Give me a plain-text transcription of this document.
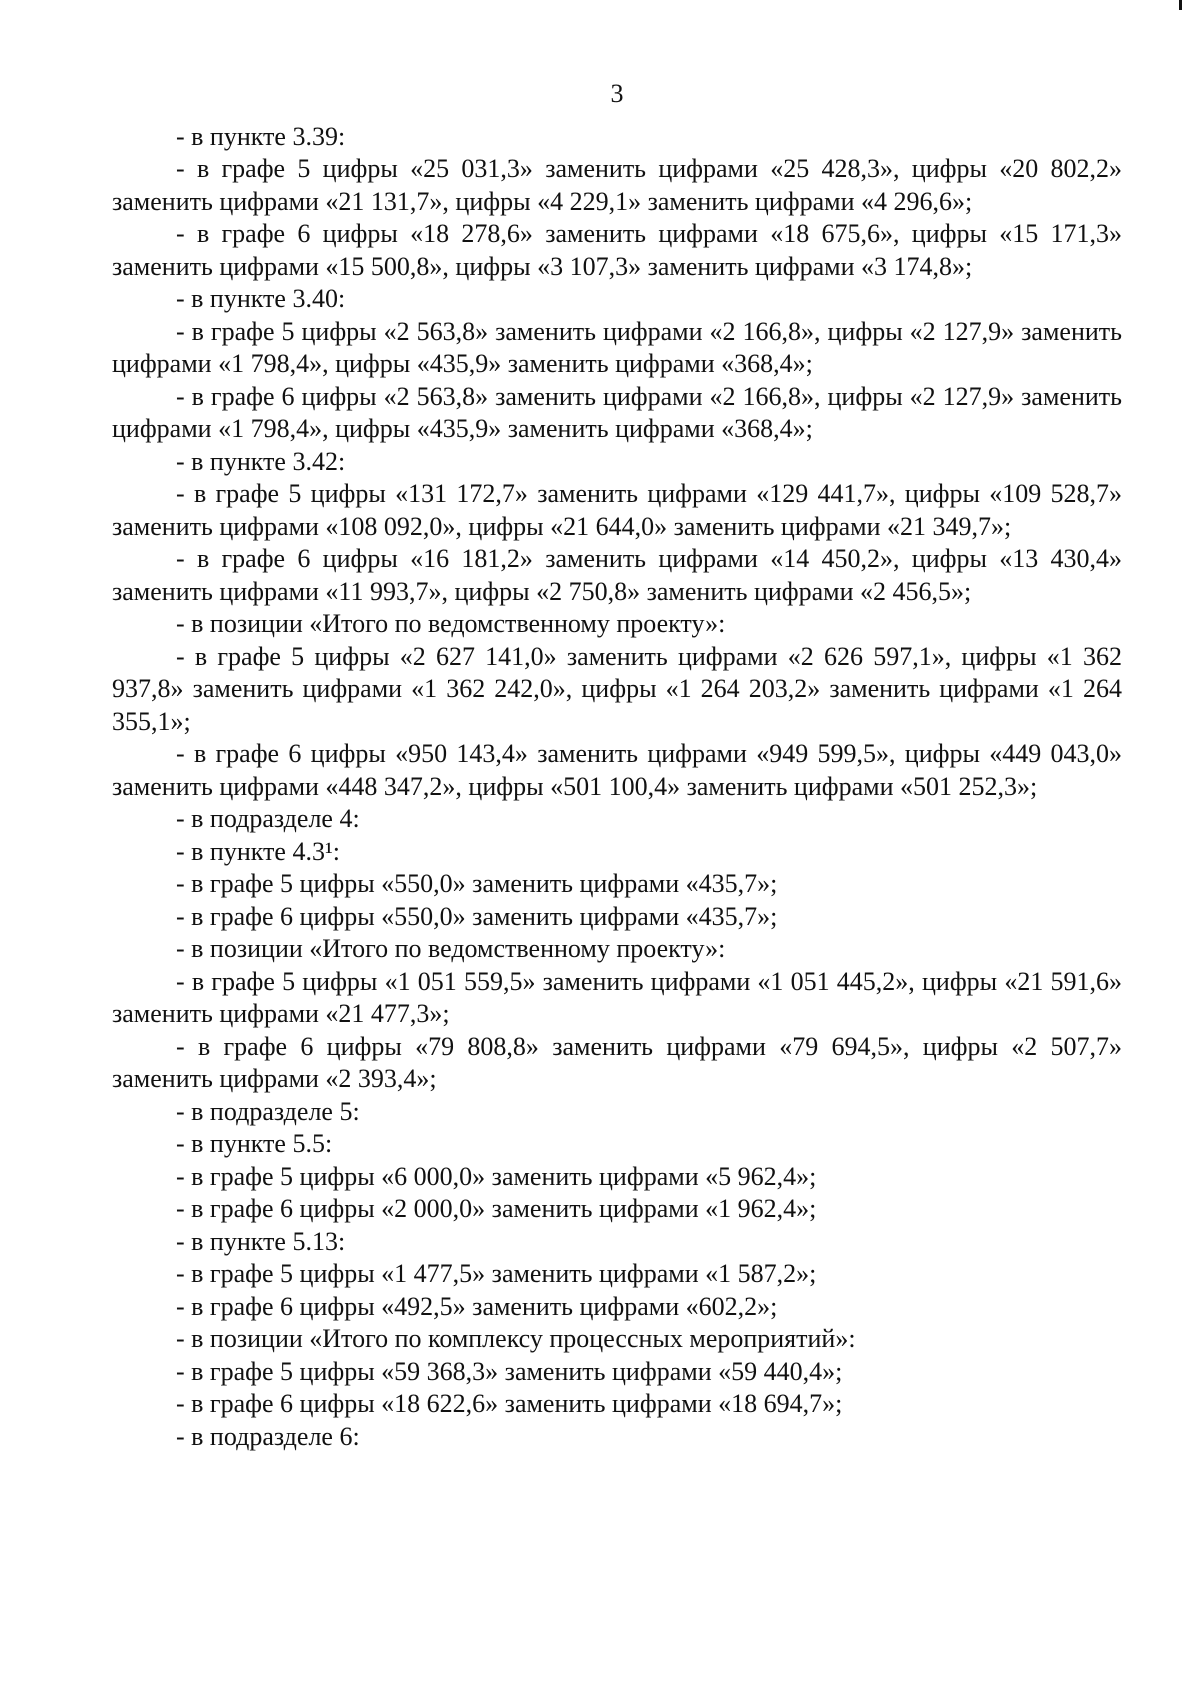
3

- в пункте 3.39:

- в графе 5 цифры «25 031,3» заменить цифрами «25 428,3», цифры «20 802,2» заменить цифрами «21 131,7», цифры «4 229,1» заменить цифрами «4 296,6»;

- в графе 6 цифры «18 278,6» заменить цифрами «18 675,6», цифры «15 171,3» заменить цифрами «15 500,8», цифры «3 107,3» заменить цифрами «3 174,8»;

- в пункте 3.40:

- в графе 5 цифры «2 563,8» заменить цифрами «2 166,8», цифры «2 127,9» заменить цифрами «1 798,4», цифры «435,9» заменить цифрами «368,4»;

- в графе 6 цифры «2 563,8» заменить цифрами «2 166,8», цифры «2 127,9» заменить цифрами «1 798,4», цифры «435,9» заменить цифрами «368,4»;

- в пункте 3.42:

- в графе 5 цифры «131 172,7» заменить цифрами «129 441,7», цифры «109 528,7» заменить цифрами «108 092,0», цифры «21 644,0» заменить цифрами «21 349,7»;

- в графе 6 цифры «16 181,2» заменить цифрами «14 450,2», цифры «13 430,4» заменить цифрами «11 993,7», цифры «2 750,8» заменить цифрами «2 456,5»;

- в позиции «Итого по ведомственному проекту»:

- в графе 5 цифры «2 627 141,0» заменить цифрами «2 626 597,1», цифры «1 362 937,8» заменить цифрами «1 362 242,0», цифры «1 264 203,2» заменить цифрами «1 264 355,1»;

- в графе 6 цифры «950 143,4» заменить цифрами «949 599,5», цифры «449 043,0» заменить цифрами «448 347,2», цифры «501 100,4» заменить цифрами «501 252,3»;

- в подразделе 4:

- в пункте 4.3¹:

- в графе 5 цифры «550,0» заменить цифрами «435,7»;

- в графе 6 цифры «550,0» заменить цифрами «435,7»;

- в позиции «Итого по ведомственному проекту»:

- в графе 5 цифры «1 051 559,5» заменить цифрами «1 051 445,2», цифры «21 591,6» заменить цифрами «21 477,3»;

- в графе 6 цифры «79 808,8» заменить цифрами «79 694,5», цифры «2 507,7» заменить цифрами «2 393,4»;

- в подразделе 5:

- в пункте 5.5:

- в графе 5 цифры «6 000,0» заменить цифрами «5 962,4»;

- в графе 6 цифры «2 000,0» заменить цифрами «1 962,4»;

- в пункте 5.13:

- в графе 5 цифры «1 477,5» заменить цифрами «1 587,2»;

- в графе 6 цифры «492,5» заменить цифрами «602,2»;

- в позиции «Итого по комплексу процессных мероприятий»:

- в графе 5 цифры «59 368,3» заменить цифрами «59 440,4»;

- в графе 6 цифры «18 622,6» заменить цифрами «18 694,7»;

- в подразделе 6:
